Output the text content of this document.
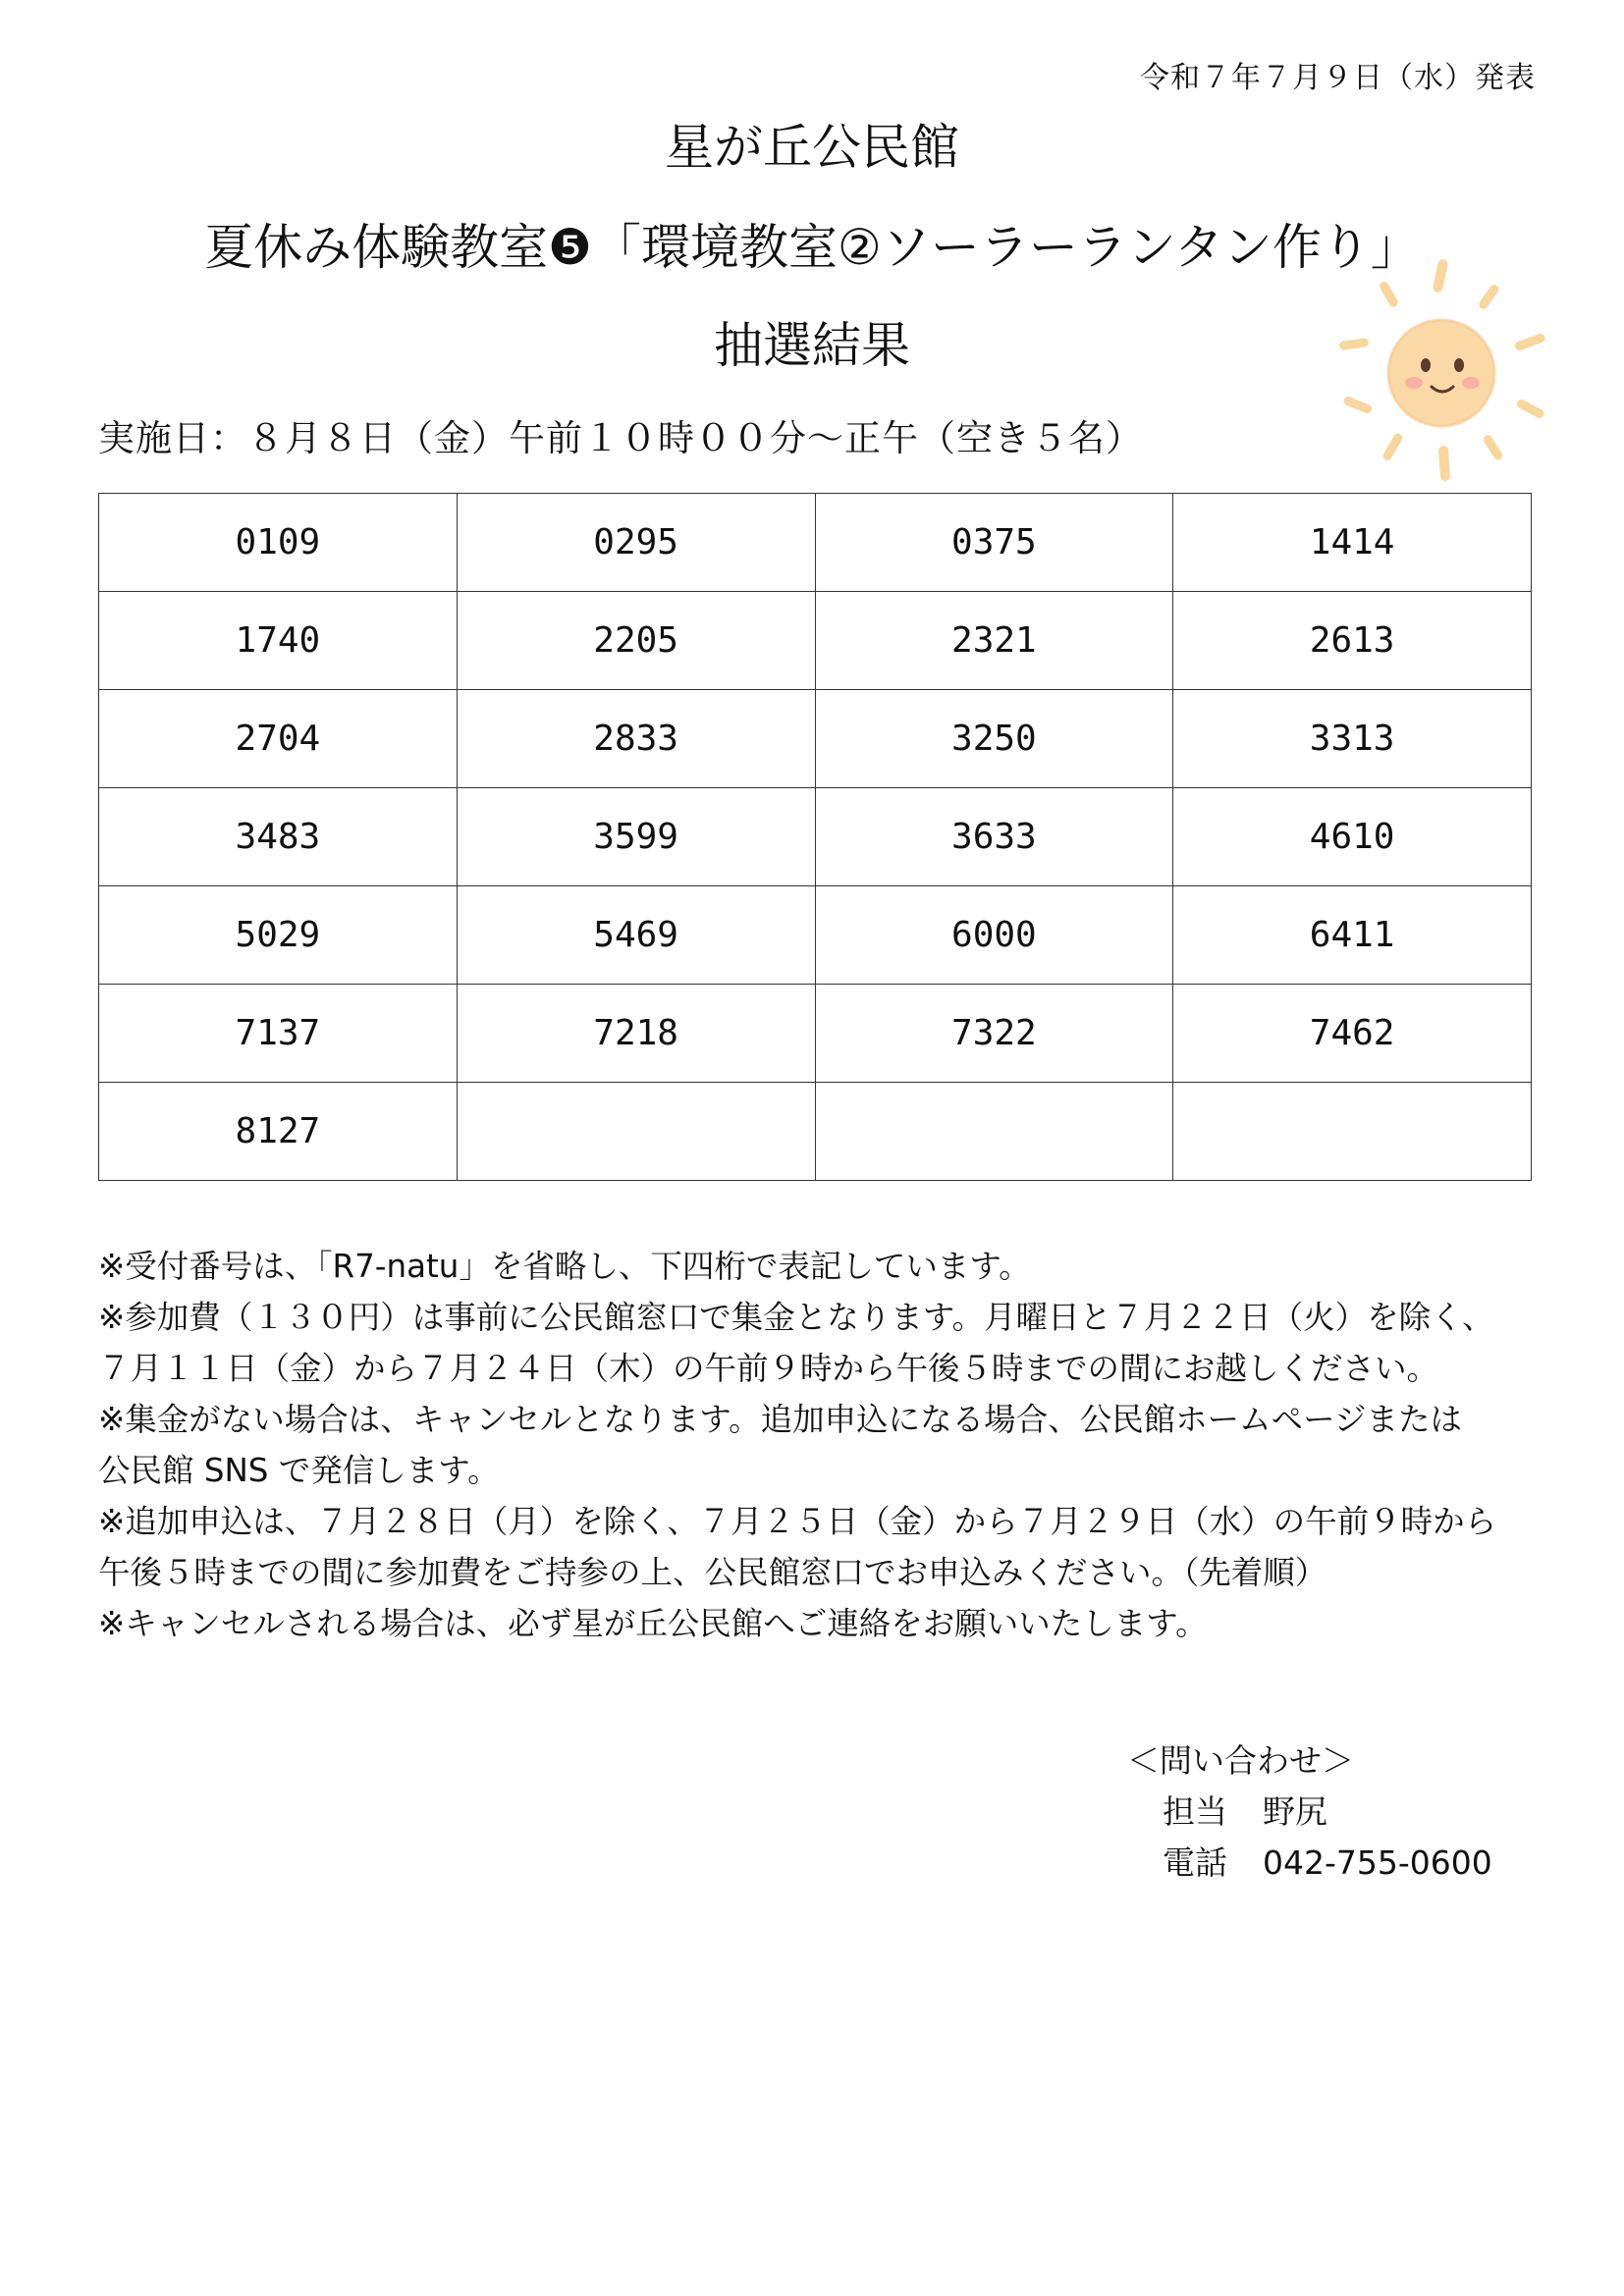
令和７年７月９日（水）発表
星が丘公民館
夏休み体験教室❺「環境教室②ソーラーランタン作り」
抽選結果
実施日：８月８日（金）午前１０時００分～正午（空き５名）
0109	0295	0375	1414
1740	2205	2321	2613
2704	2833	3250	3313
3483	3599	3633	4610
5029	5469	6000	6411
7137	7218	7322	7462
8127			
※受付番号は、「R7-natu」を省略し、下四桁で表記しています。
※参加費（１３０円）は事前に公民館窓口で集金となります。月曜日と７月２２日（火）を除く、
７月１１日（金）から７月２４日（木）の午前９時から午後５時までの間にお越しください。
※集金がない場合は、キャンセルとなります。追加申込になる場合、公民館ホームページまたは
公民館 SNS で発信します。
※追加申込は、７月２８日（月）を除く、７月２５日（金）から７月２９日（水）の午前９時から
午後５時までの間に参加費をご持参の上、公民館窓口でお申込みください。（先着順）
※キャンセルされる場合は、必ず星が丘公民館へご連絡をお願いいたします。
＜問い合わせ＞
担当 野尻
電話 042-755-0600
